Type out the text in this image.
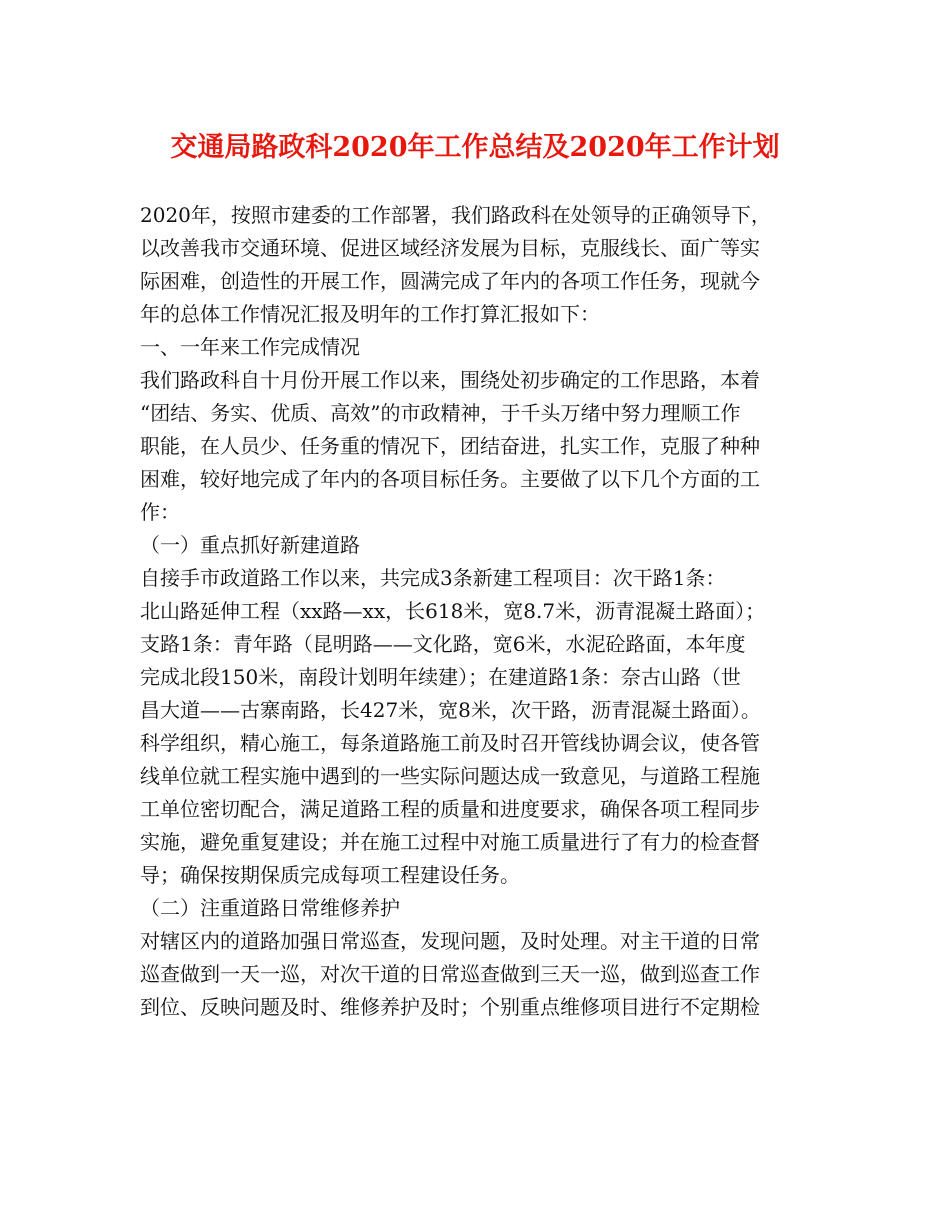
交通局路政科2020年工作总结及2020年工作计划
2020年，按照市建委的工作部署，我们路政科在处领导的正确领导下，
以改善我市交通环境、促进区域经济发展为目标，克服线长、面广等实
际困难，创造性的开展工作，圆满完成了年内的各项工作任务，现就今
年的总体工作情况汇报及明年的工作打算汇报如下：
一、一年来工作完成情况
我们路政科自十月份开展工作以来，围绕处初步确定的工作思路，本着
“团结、务实、优质、高效”的市政精神，于千头万绪中努力理顺工作
职能，在人员少、任务重的情况下，团结奋进，扎实工作，克服了种种
困难，较好地完成了年内的各项目标任务。主要做了以下几个方面的工
作：
（一）重点抓好新建道路
自接手市政道路工作以来，共完成3条新建工程项目：次干路1条：
北山路延伸工程（xx路—xx，长618米，宽8.7米，沥青混凝土路面）；
支路1条：青年路（昆明路——文化路，宽6米，水泥砼路面，本年度
完成北段150米，南段计划明年续建）；在建道路1条：奈古山路（世
昌大道——古寨南路，长427米，宽8米，次干路，沥青混凝土路面）。
科学组织，精心施工，每条道路施工前及时召开管线协调会议，使各管
线单位就工程实施中遇到的一些实际问题达成一致意见，与道路工程施
工单位密切配合，满足道路工程的质量和进度要求，确保各项工程同步
实施，避免重复建设；并在施工过程中对施工质量进行了有力的检查督
导；确保按期保质完成每项工程建设任务。
（二）注重道路日常维修养护
对辖区内的道路加强日常巡查，发现问题，及时处理。对主干道的日常
巡查做到一天一巡，对次干道的日常巡查做到三天一巡，做到巡查工作
到位、反映问题及时、维修养护及时；个别重点维修项目进行不定期检
